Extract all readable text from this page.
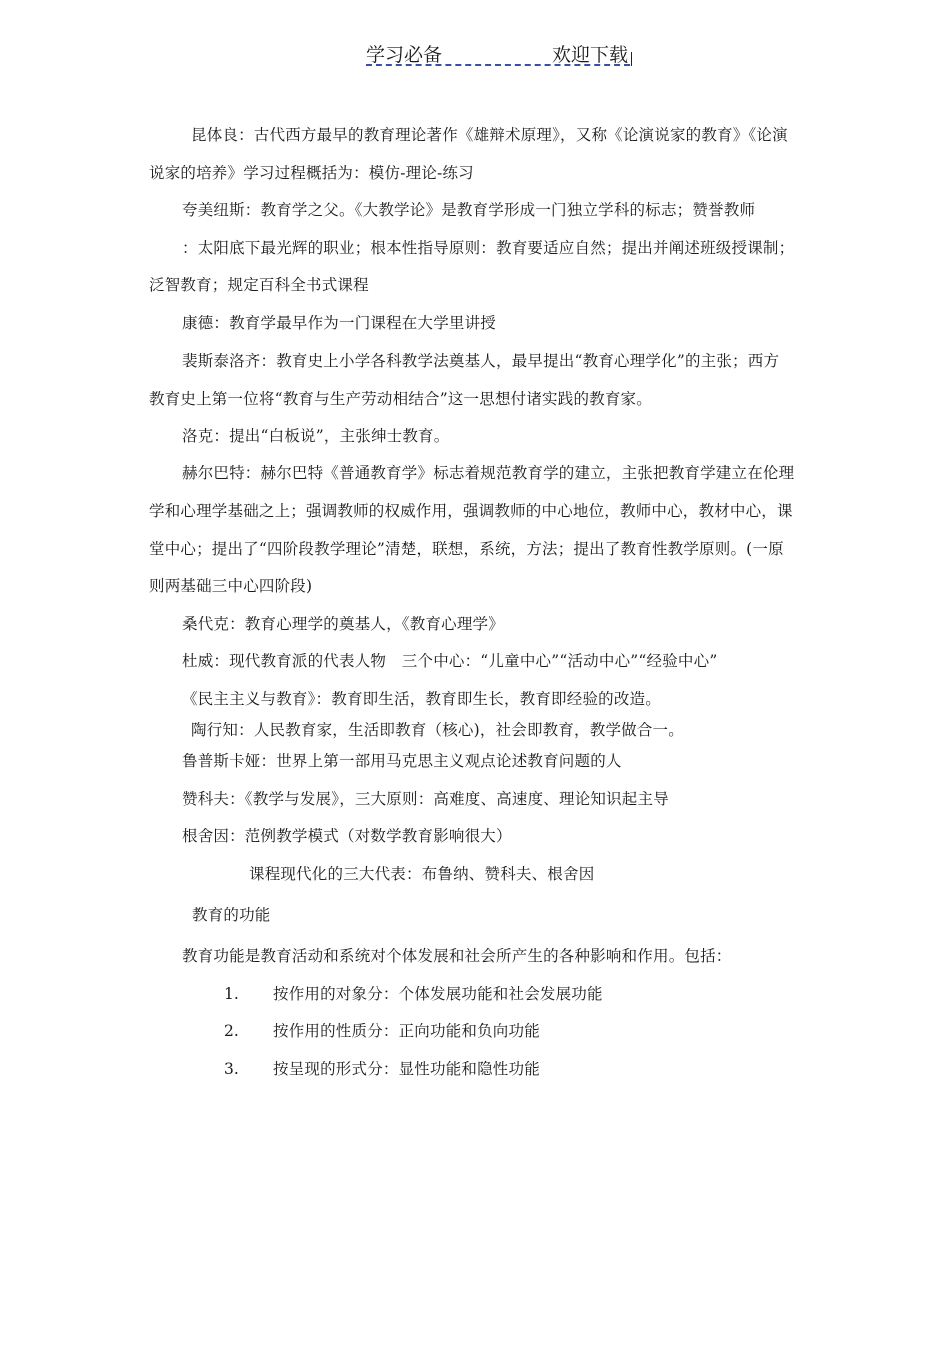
学习必备	欢迎下载
昆体良：古代西方最早的教育理论著作《雄辩术原理》，又称《论演说家的教育》《论演
说家的培养》学习过程概括为：模仿-理论-练习
夸美纽斯：教育学之父。《大教学论》是教育学形成一门独立学科的标志；赞誉教师
：太阳底下最光辉的职业；根本性指导原则：教育要适应自然；提出并阐述班级授课制；
泛智教育；规定百科全书式课程
康德：教育学最早作为一门课程在大学里讲授
裴斯泰洛齐：教育史上小学各科教学法奠基人，最早提出“教育心理学化”的主张；西方
教育史上第一位将“教育与生产劳动相结合”这一思想付诸实践的教育家。
洛克：提出“白板说”，主张绅士教育。
赫尔巴特：赫尔巴特《普通教育学》标志着规范教育学的建立，主张把教育学建立在伦理
学和心理学基础之上；强调教师的权威作用，强调教师的中心地位，教师中心，教材中心，课
堂中心；提出了“四阶段教学理论”清楚，联想，系统，方法；提出了教育性教学原则。(一原
则两基础三中心四阶段)
桑代克：教育心理学的奠基人，《教育心理学》
杜威：现代教育派的代表人物　三个中心：“儿童中心”“活动中心”“经验中心”
《民主主义与教育》：教育即生活，教育即生长，教育即经验的改造。
陶行知：人民教育家，生活即教育（核心)，社会即教育，教学做合一。
鲁普斯卡娅：世界上第一部用马克思主义观点论述教育问题的人
赞科夫：《教学与发展》，三大原则：高难度、高速度、理论知识起主导
根舍因：范例教学模式（对数学教育影响很大）
课程现代化的三大代表：布鲁纳、赞科夫、根舍因
教育的功能
教育功能是教育活动和系统对个体发展和社会所产生的各种影响和作用。包括：
1. 按作用的对象分：个体发展功能和社会发展功能
2. 按作用的性质分：正向功能和负向功能
3. 按呈现的形式分：显性功能和隐性功能
